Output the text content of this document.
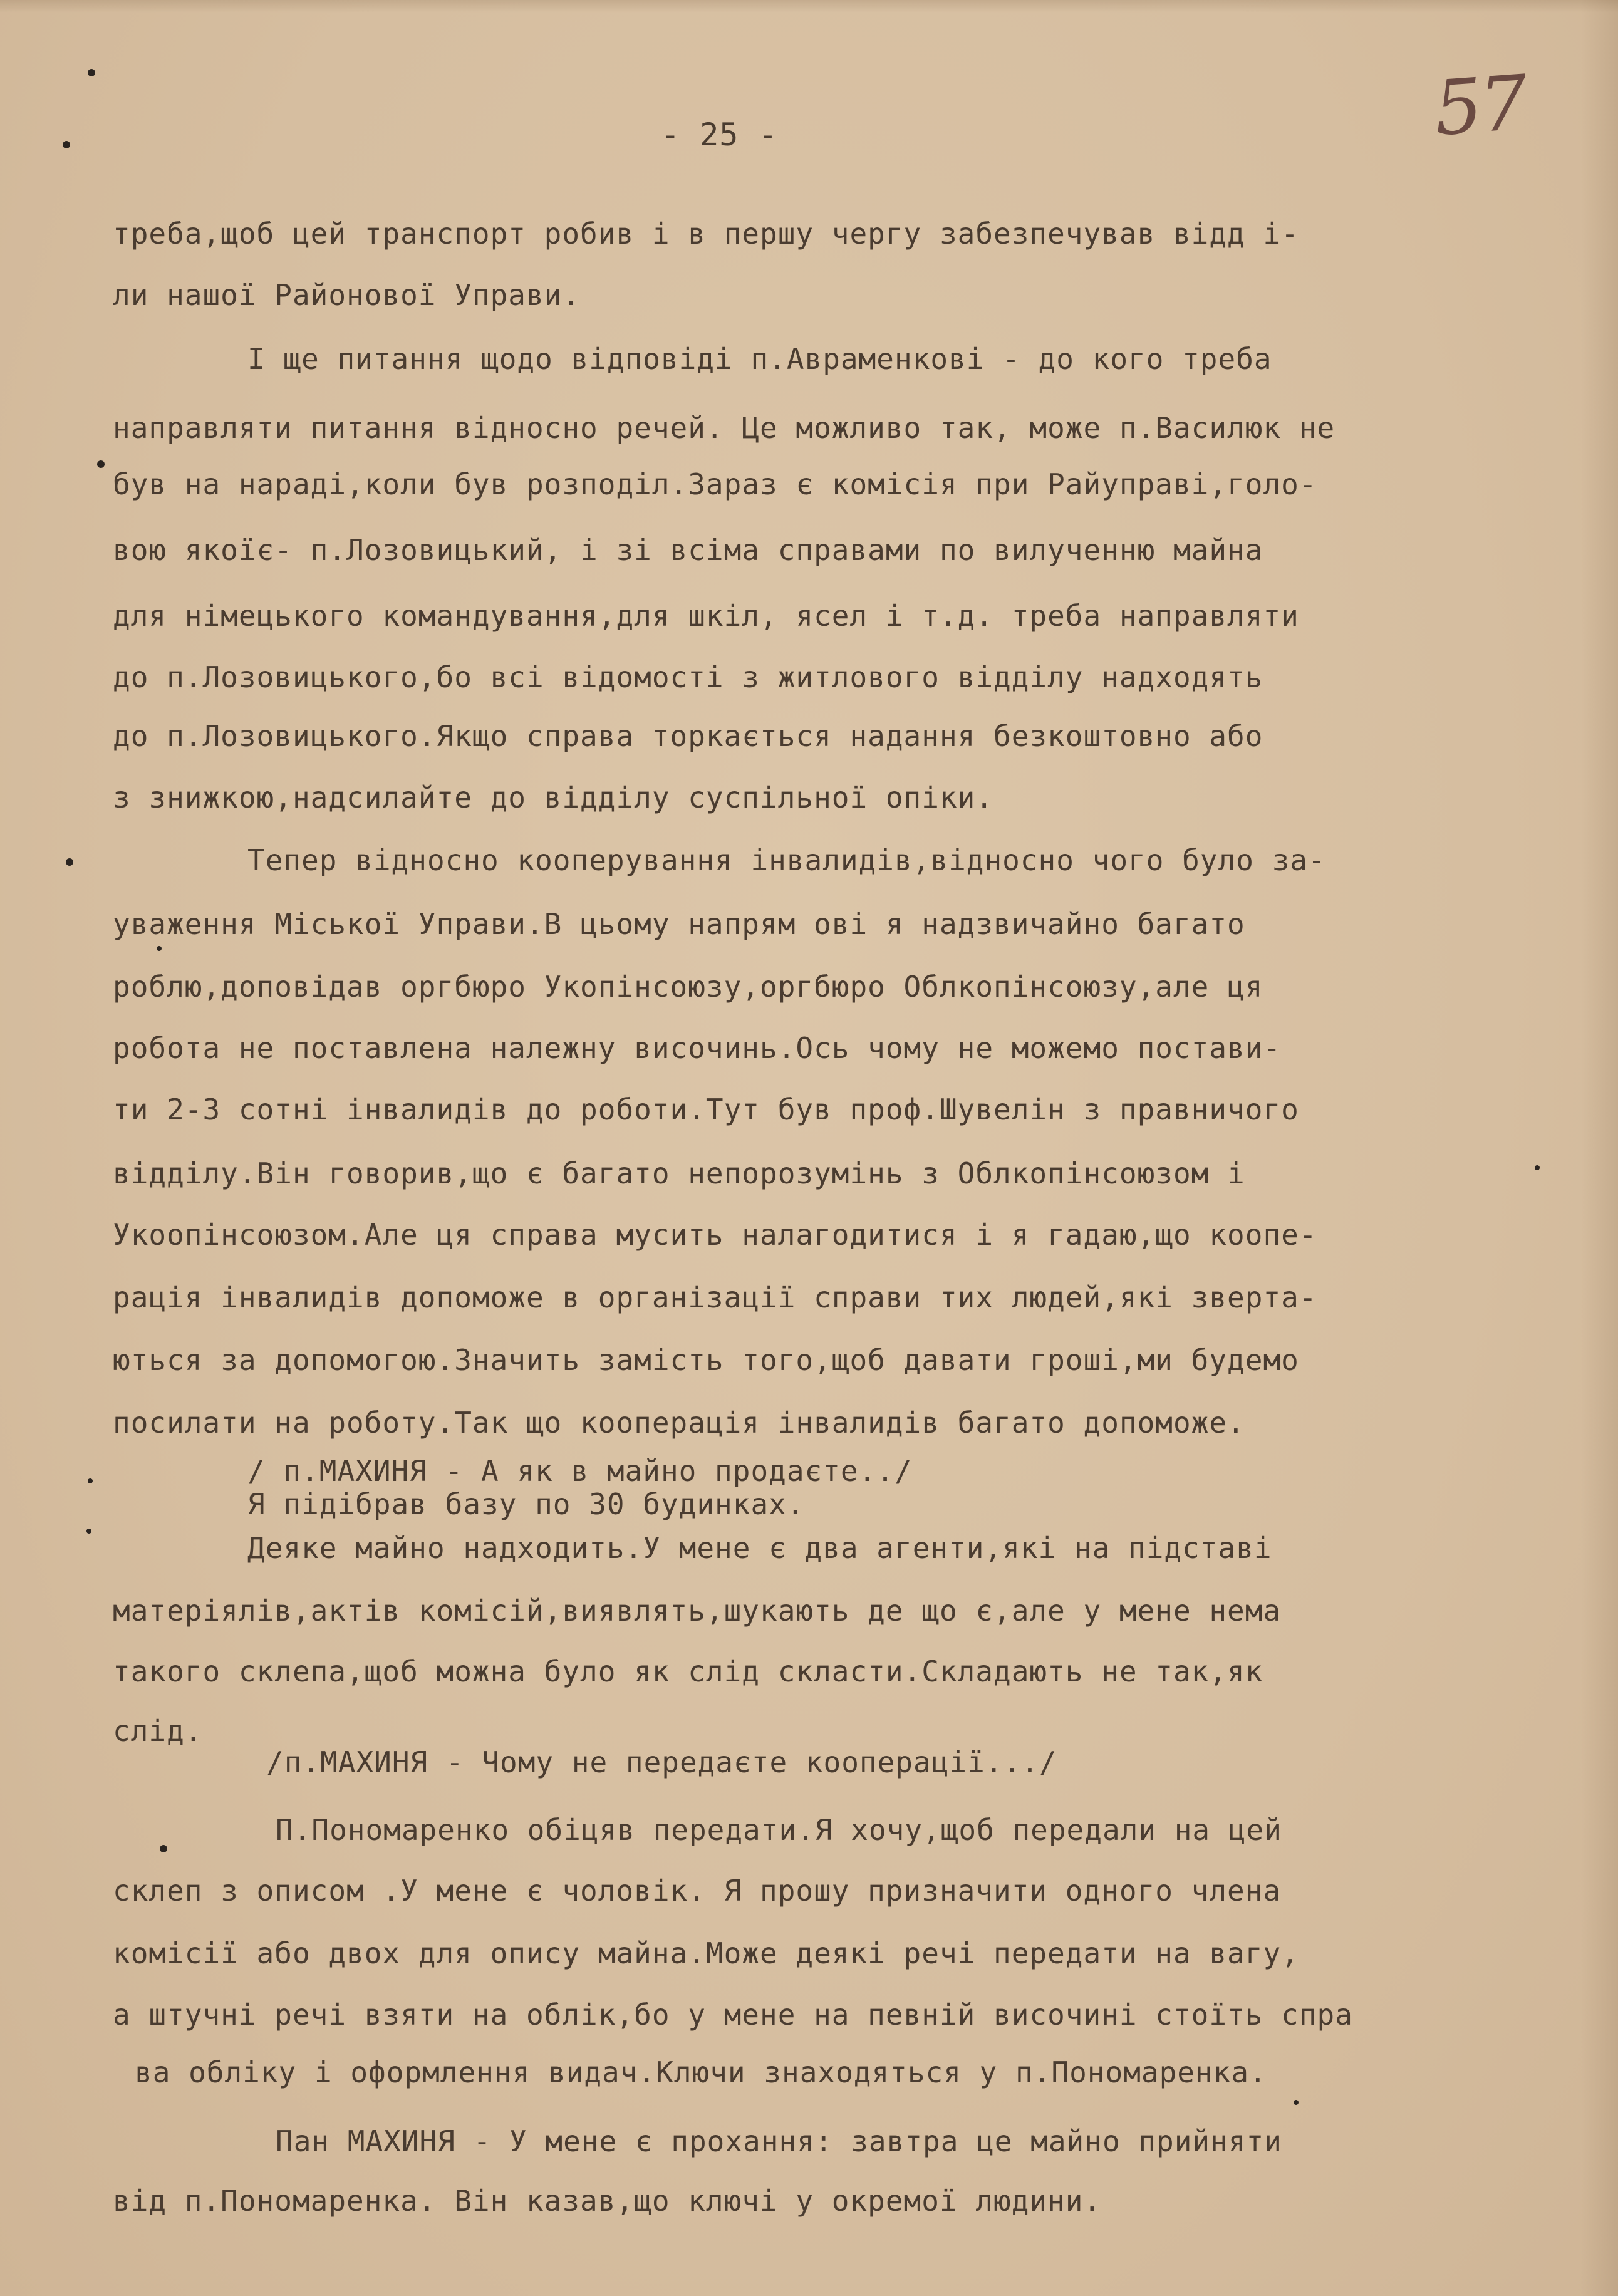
- 25 -	57
треба,щоб цей транспорт робив і в першу чергу забезпечував відд і-
ли нашої Районової Управи.
І ще питання щодо відповіді п.Авраменкові - до кого треба
направляти питання відносно речей. Це можливо так, може п.Василюк не
був на нараді,коли був розподіл.Зараз є комісія при Райуправі,голо-
вою якоїє- п.Лозовицький, і зі всіма справами по вилученню майна
для німецького командування,для шкіл, ясел і т.д. треба направляти
до п.Лозовицького,бо всі відомості з житлового відділу надходять
до п.Лозовицького.Якщо справа торкається надання безкоштовно або
з знижкою,надсилайте до відділу суспільної опіки.
Тепер відносно кооперування інвалидів,відносно чого було за-
уваження Міської Управи.В цьому напрям ові я надзвичайно багато
роблю,доповідав оргбюро Укопінсоюзу,оргбюро Облкопінсоюзу,але ця
робота не поставлена належну височинь.Ось чому не можемо постави-
ти 2-3 сотні інвалидів до роботи.Тут був проф.Шувелін з правничого
відділу.Він говорив,що є багато непорозумінь з Облкопінсоюзом і
Укоопінсоюзом.Але ця справа мусить налагодитися і я гадаю,що коопе-
рація інвалидів допоможе в організації справи тих людей,які зверта-
ються за допомогою.Значить замість того,щоб давати гроші,ми будемо
посилати на роботу.Так що кооперація інвалидів багато допоможе.
/ п.МАХИНЯ - А як в майно продаєте../
Я підібрав базу по 30 будинках.
Деяке майно надходить.У мене є два агенти,які на підставі
матеріялів,актів комісій,виявлять,шукають де що є,але у мене нема
такого склепа,щоб можна було як слід скласти.Складають не так,як
слід.
/п.МАХИНЯ - Чому не передаєте кооперації.../
П.Пономаренко обіцяв передати.Я хочу,щоб передали на цей
склеп з описом .У мене є чоловік. Я прошу призначити одного члена
комісії або двох для опису майна.Може деякі речі передати на вагу,
а штучні речі взяти на облік,бо у мене на певній височині стоїть спра
ва обліку і оформлення видач.Ключи знаходяться у п.Пономаренка.
Пан МАХИНЯ - У мене є прохання: завтра це майно прийняти
від п.Пономаренка. Він казав,що ключі у окремої людини.
